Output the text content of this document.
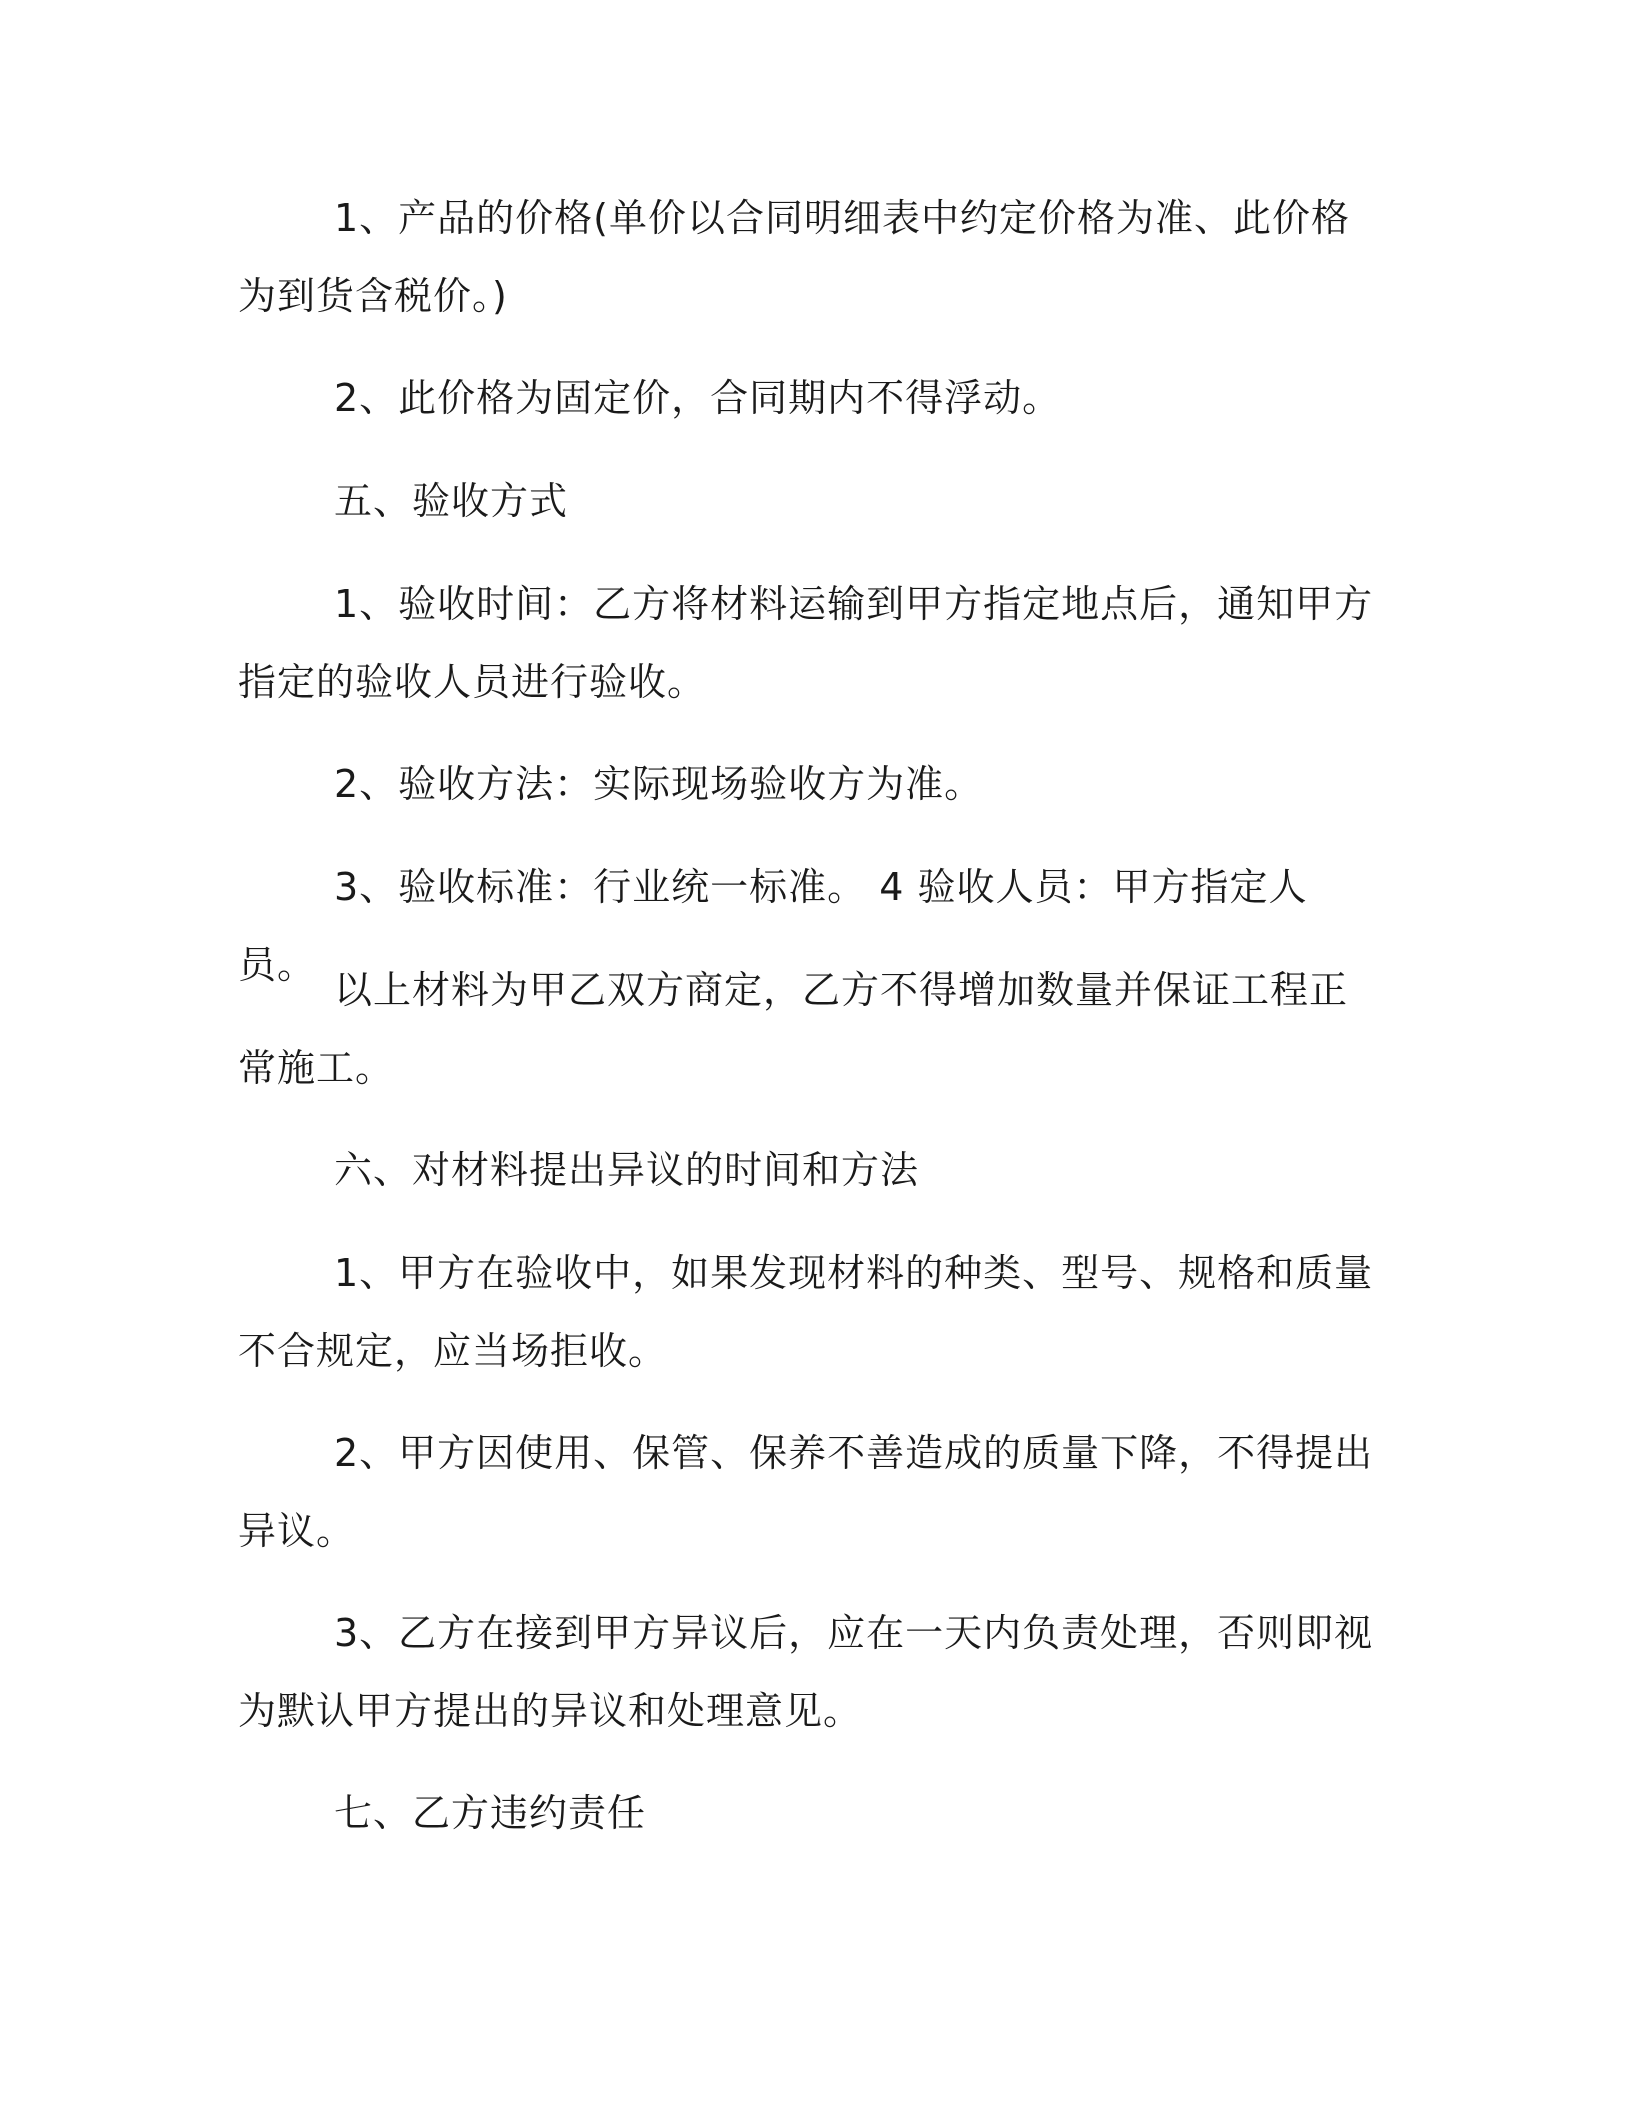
1、产品的价格(单价以合同明细表中约定价格为准、此价格为到货含税价。)

2、此价格为固定价，合同期内不得浮动。

五、验收方式

1、验收时间：乙方将材料运输到甲方指定地点后，通知甲方指定的验收人员进行验收。

2、验收方法：实际现场验收方为准。

3、验收标准：行业统一标准。 4 验收人员：甲方指定人员。

以上材料为甲乙双方商定，乙方不得增加数量并保证工程正常施工。

六、对材料提出异议的时间和方法

1、甲方在验收中，如果发现材料的种类、型号、规格和质量不合规定，应当场拒收。

2、甲方因使用、保管、保养不善造成的质量下降，不得提出异议。

3、乙方在接到甲方异议后，应在一天内负责处理，否则即视为默认甲方提出的异议和处理意见。

七、乙方违约责任
